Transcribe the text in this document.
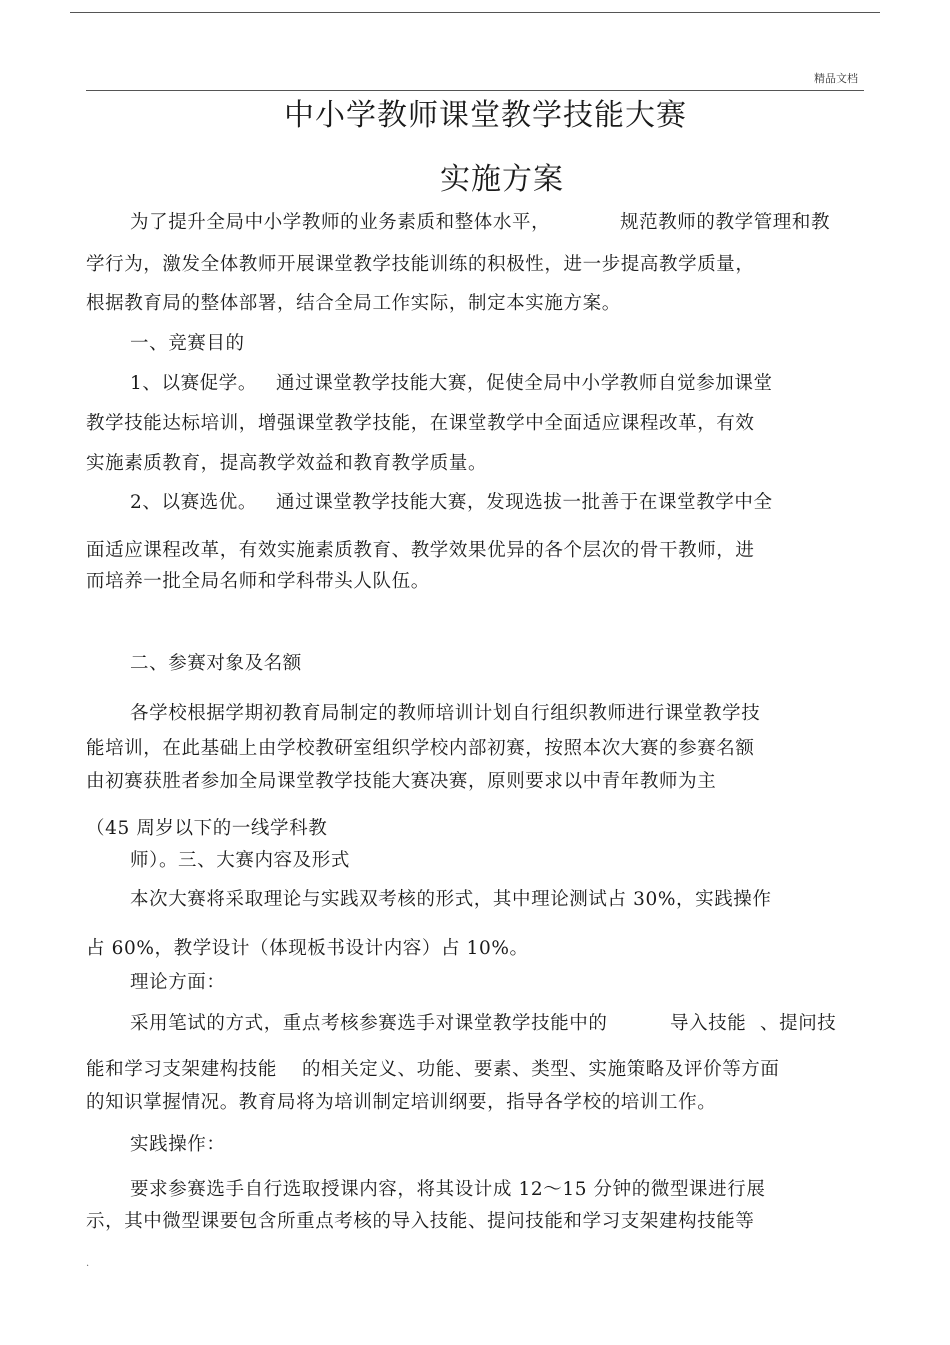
精品文档
中小学教师课堂教学技能大赛
实施方案
为了提升全局中小学教师的业务素质和整体水平，	规范教师的教学管理和教
学行为，激发全体教师开展课堂教学技能训练的积极性，进一步提高教学质量，
根据教育局的整体部署，结合全局工作实际，制定本实施方案。
一、竞赛目的
1、以赛促学。 通过课堂教学技能大赛，促使全局中小学教师自觉参加课堂
教学技能达标培训，增强课堂教学技能，在课堂教学中全面适应课程改革，有效
实施素质教育，提高教学效益和教育教学质量。
2、以赛选优。 通过课堂教学技能大赛，发现选拔一批善于在课堂教学中全
面适应课程改革，有效实施素质教育、教学效果优异的各个层次的骨干教师，进
而培养一批全局名师和学科带头人队伍。
二、参赛对象及名额
各学校根据学期初教育局制定的教师培训计划自行组织教师进行课堂教学技
能培训，在此基础上由学校教研室组织学校内部初赛，按照本次大赛的参赛名额
由初赛获胜者参加全局课堂教学技能大赛决赛，原则要求以中青年教师为主
（45 周岁以下的一线学科教
师）。三、大赛内容及形式
本次大赛将采取理论与实践双考核的形式，其中理论测试占 30%，实践操作
占 60%，教学设计（体现板书设计内容）占 10%。
理论方面：
采用笔试的方式，重点考核参赛选手对课堂教学技能中的	导入技能 、提问技
能和学习支架建构技能 的相关定义、功能、要素、类型、实施策略及评价等方面
的知识掌握情况。教育局将为培训制定培训纲要，指导各学校的培训工作。
实践操作：
要求参赛选手自行选取授课内容，将其设计成 12～15 分钟的微型课进行展
示，其中微型课要包含所重点考核的导入技能、提问技能和学习支架建构技能等
.
